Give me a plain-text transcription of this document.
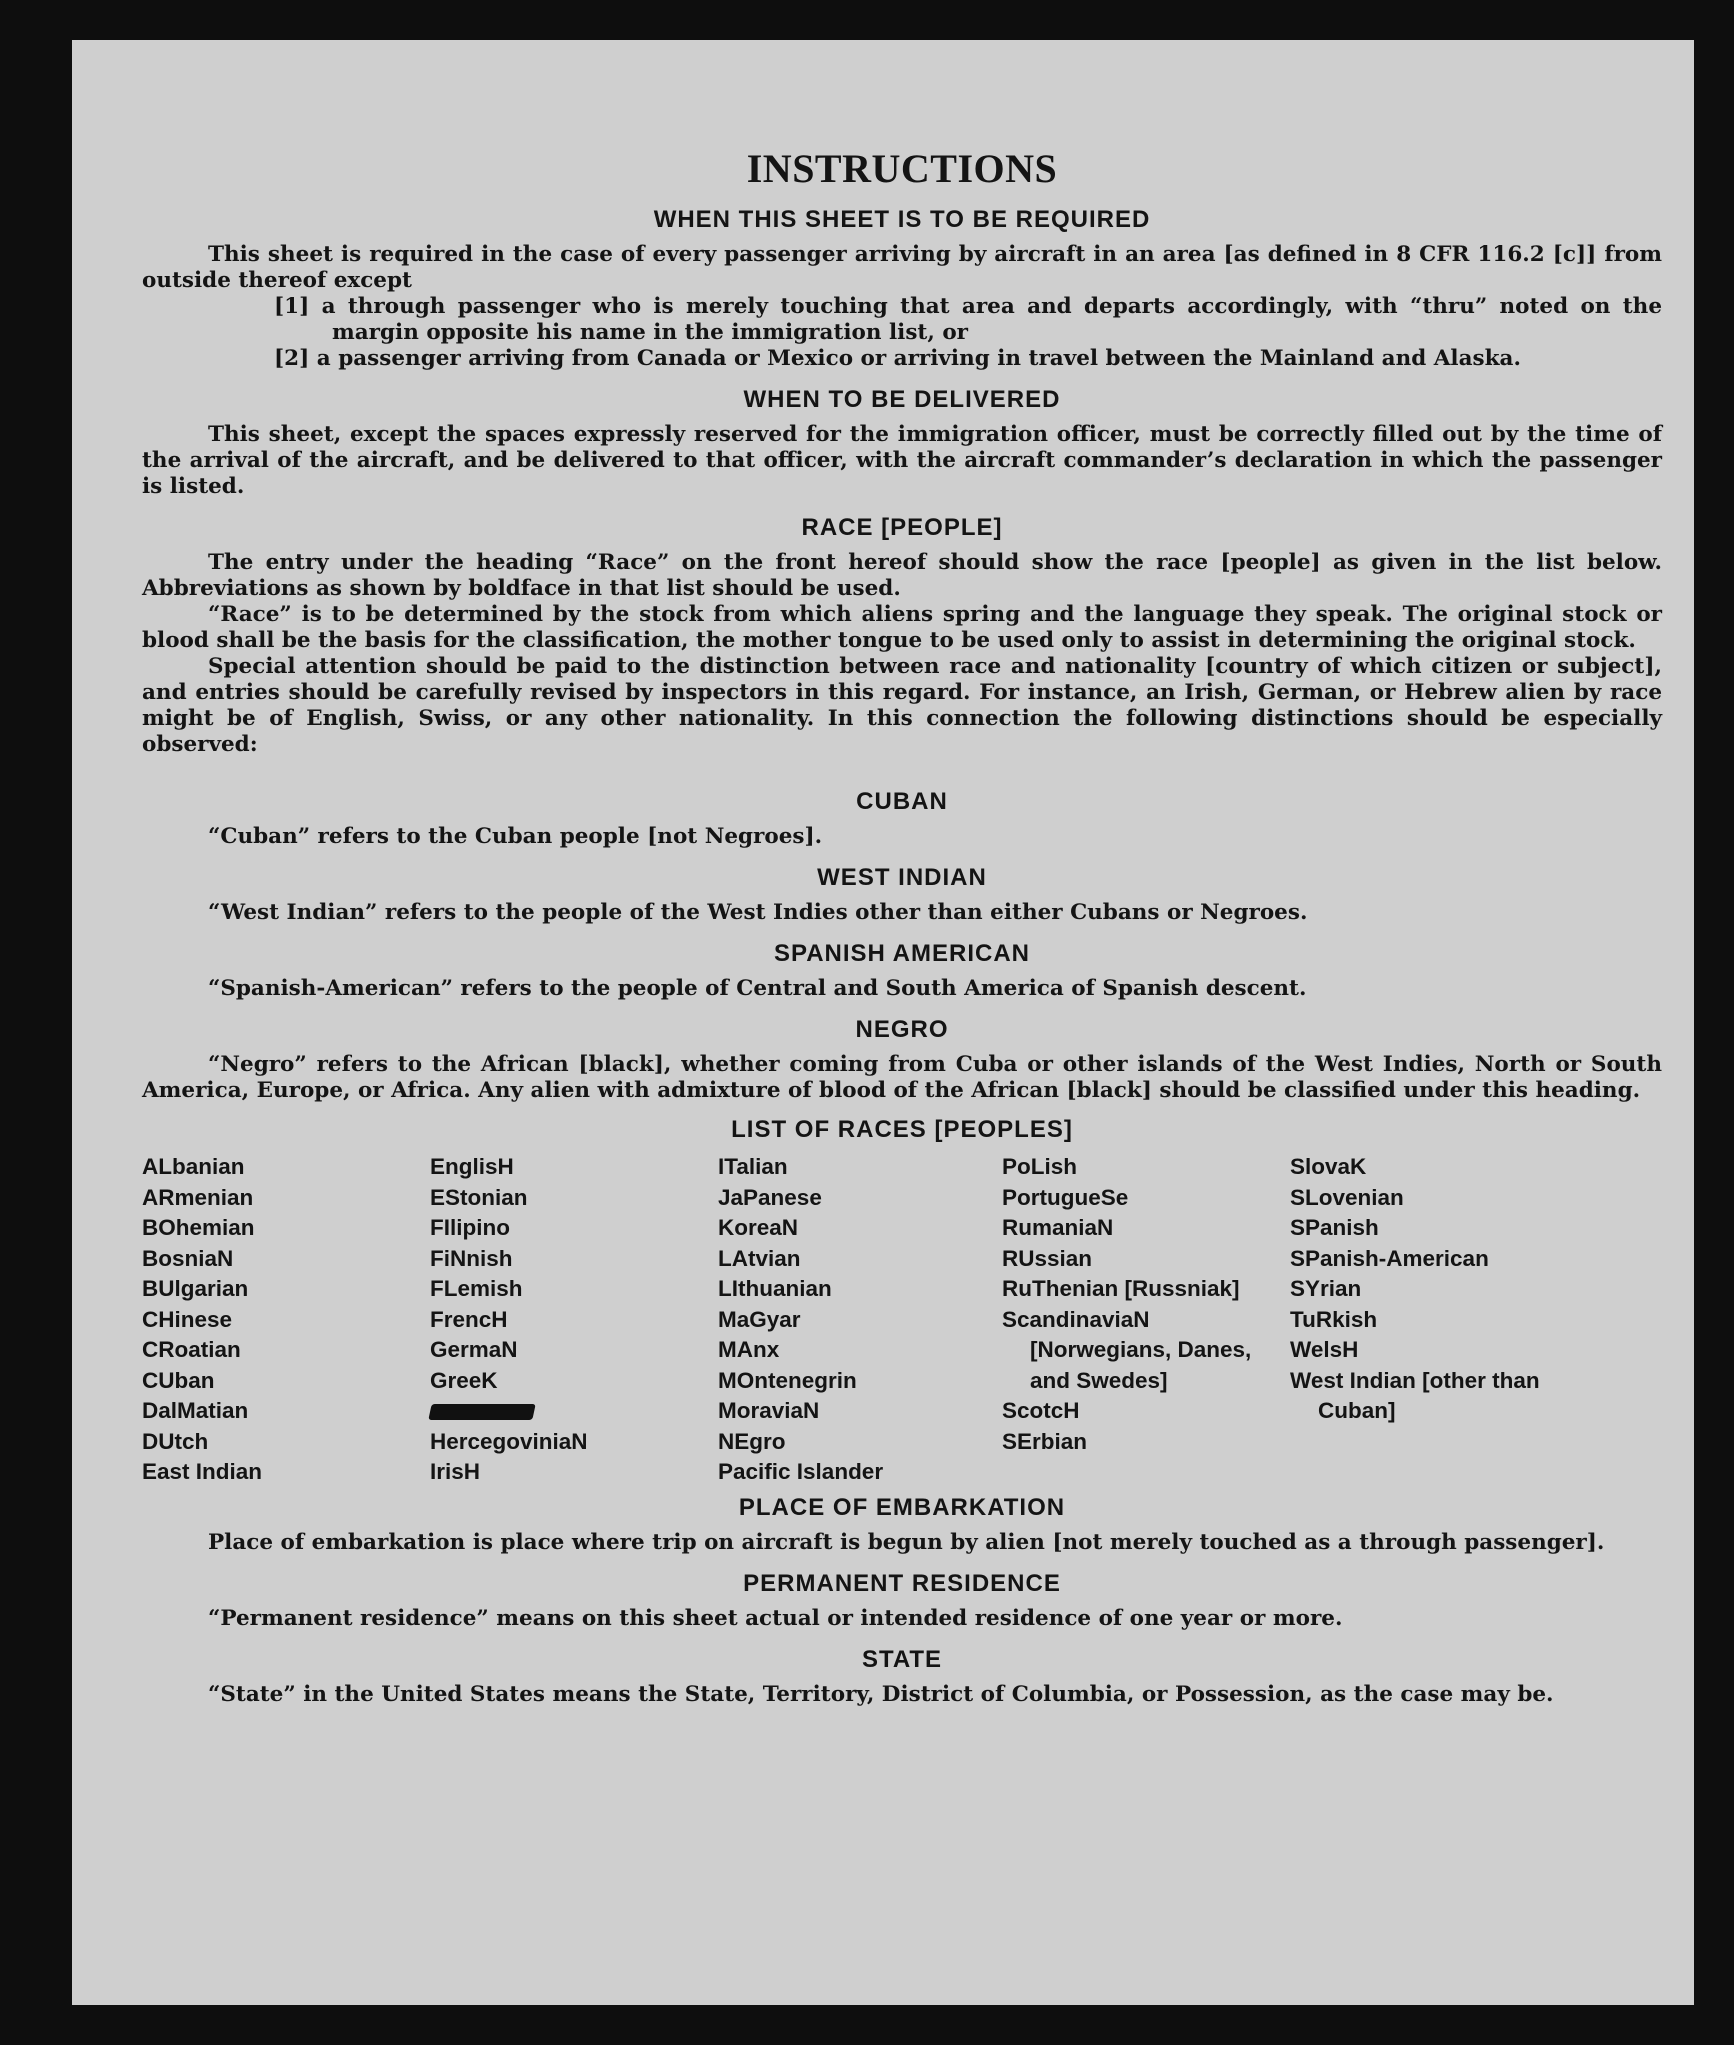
INSTRUCTIONS
WHEN THIS SHEET IS TO BE REQUIRED

This sheet is required in the case of every passenger arriving by aircraft in an area [as defined in 8 CFR 116.2 [c]] from outside thereof except

[1] a through passenger who is merely touching that area and departs accordingly, with “thru” noted on the margin opposite his name in the immigration list, or
[2] a passenger arriving from Canada or Mexico or arriving in travel between the Mainland and Alaska.
WHEN TO BE DELIVERED

This sheet, except the spaces expressly reserved for the immigration officer, must be correctly filled out by the time of the arrival of the aircraft, and be delivered to that officer, with the aircraft commander’s declaration in which the passenger is listed.

RACE [PEOPLE]

The entry under the heading “Race” on the front hereof should show the race [people] as given in the list below. Abbreviations as shown by boldface in that list should be used.

“Race” is to be determined by the stock from which aliens spring and the language they speak. The original stock or blood shall be the basis for the classification, the mother tongue to be used only to assist in determining the original stock.

Special attention should be paid to the distinction between race and nationality [country of which citizen or subject], and entries should be carefully revised by inspectors in this regard. For instance, an Irish, German, or Hebrew alien by race might be of English, Swiss, or any other nationality. In this connection the following distinctions should be especially observed:

CUBAN

“Cuban” refers to the Cuban people [not Negroes].

WEST INDIAN

“West Indian” refers to the people of the West Indies other than either Cubans or Negroes.

SPANISH AMERICAN

“Spanish-American” refers to the people of Central and South America of Spanish descent.

NEGRO

“Negro” refers to the African [black], whether coming from Cuba or other islands of the West Indies, North or South America, Europe, or Africa. Any alien with admixture of blood of the African [black] should be classified under this heading.

LIST OF RACES [PEOPLES]
ALbanian
ARmenian
BOhemian
BosniaN
BUlgarian
CHinese
CRoatian
CUban
DalMatian
DUtch
East Indian
EnglisH
EStonian
FIlipino
FiNnish
FLemish
FrencH
GermaN
GreeK
HercegoviniaN
IrisH
ITalian
JaPanese
KoreaN
LAtvian
LIthuanian
MaGyar
MAnx
MOntenegrin
MoraviaN
NEgro
Pacific Islander
PoLish
PortugueSe
RumaniaN
RUssian
RuThenian [Russniak]
ScandinaviaN [Norwegians, Danes, and Swedes]
ScotcH
SErbian
SlovaK
SLovenian
SPanish
SPanish-American
SYrian
TuRkish
WelsH
West Indian [other than Cuban]
PLACE OF EMBARKATION

Place of embarkation is place where trip on aircraft is begun by alien [not merely touched as a through passenger].

PERMANENT RESIDENCE

“Permanent residence” means on this sheet actual or intended residence of one year or more.

STATE

“State” in the United States means the State, Territory, District of Columbia, or Possession, as the case may be.
